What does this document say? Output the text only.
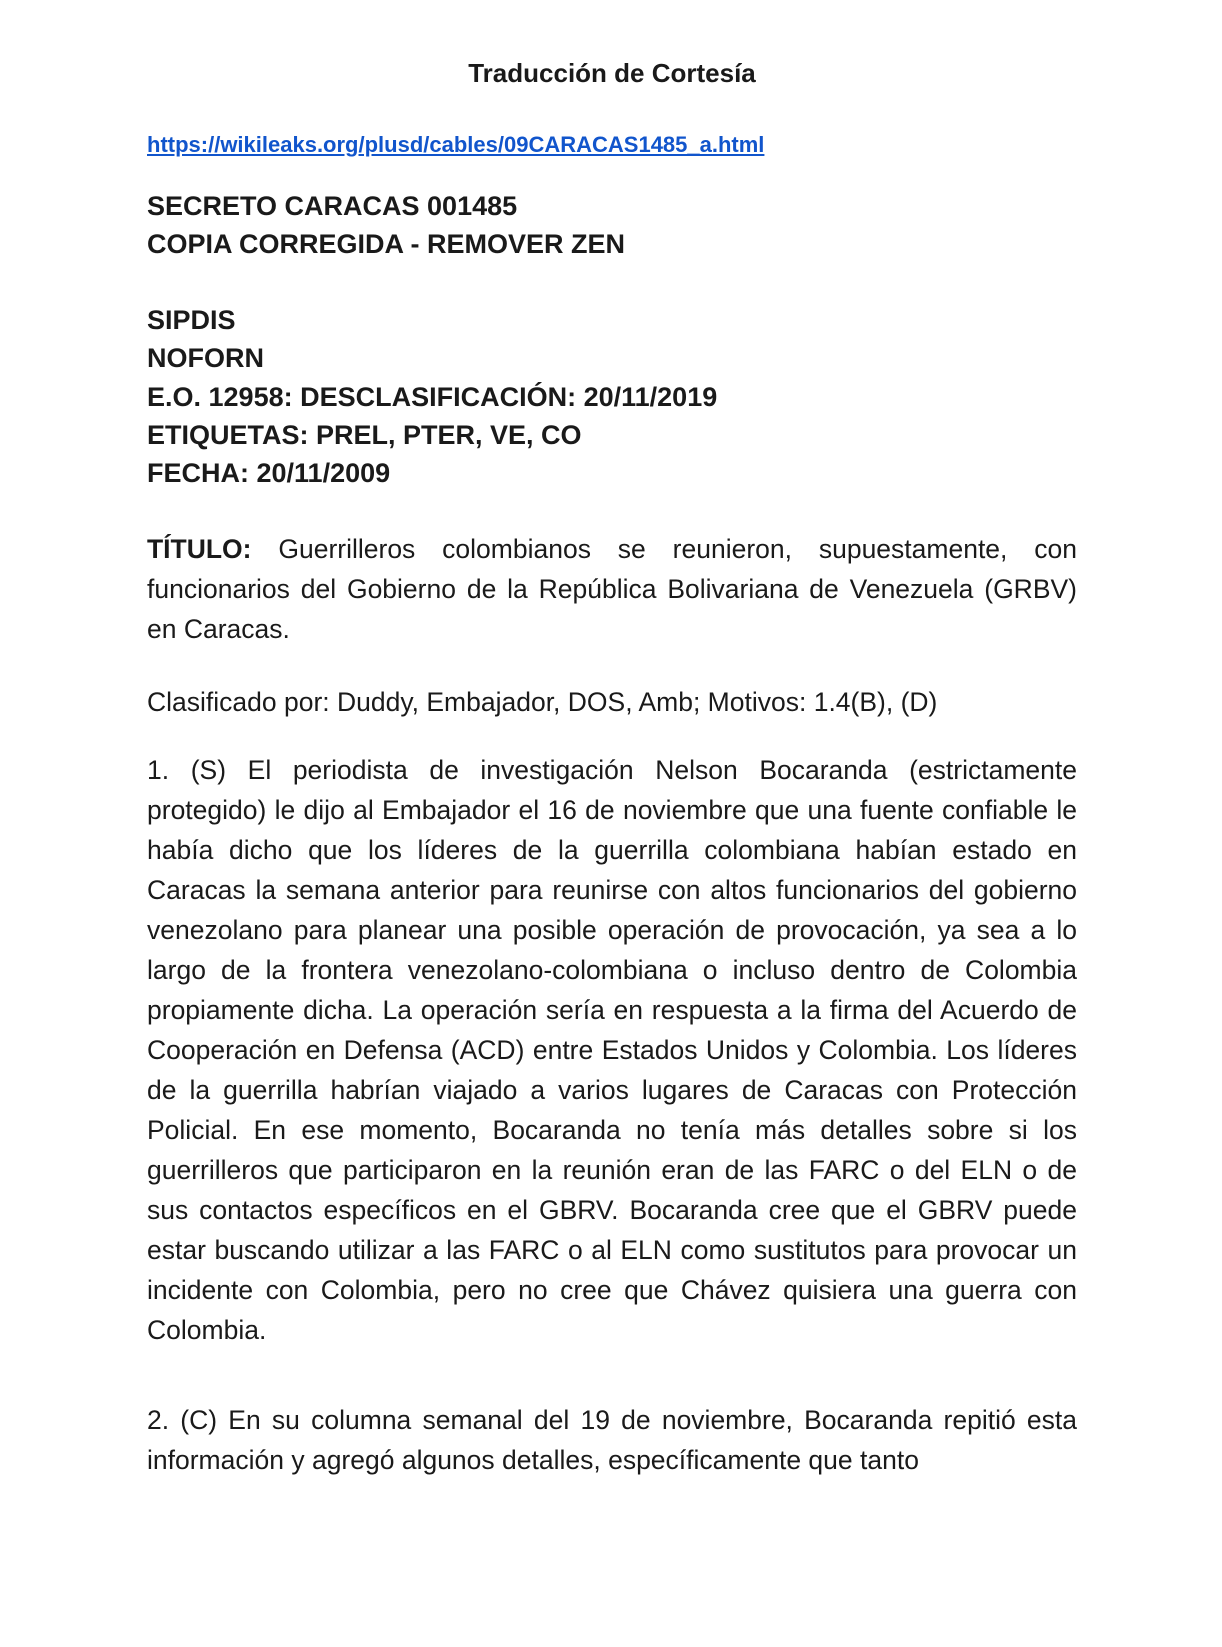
Traducción de Cortesía
https://wikileaks.org/plusd/cables/09CARACAS1485_a.html
SECRETO CARACAS 001485
COPIA CORREGIDA - REMOVER ZEN
SIPDIS
NOFORN
E.O. 12958: DESCLASIFICACIÓN: 20/11/2019
ETIQUETAS: PREL, PTER, VE, CO
FECHA: 20/11/2009
TÍTULO: Guerrilleros colombianos se reunieron, supuestamente, con funcionarios del Gobierno de la República Bolivariana de Venezuela (GRBV) en Caracas.
Clasificado por: Duddy, Embajador, DOS, Amb; Motivos: 1.4(B), (D)
1. (S) El periodista de investigación Nelson Bocaranda (estrictamente protegido) le dijo al Embajador el 16 de noviembre que una fuente confiable le había dicho que los líderes de la guerrilla colombiana habían estado en Caracas la semana anterior para reunirse con altos funcionarios del gobierno venezolano para planear una posible operación de provocación, ya sea a lo largo de la frontera venezolano-colombiana o incluso dentro de Colombia propiamente dicha. La operación sería en respuesta a la firma del Acuerdo de Cooperación en Defensa (ACD) entre Estados Unidos y Colombia. Los líderes de la guerrilla habrían viajado a varios lugares de Caracas con Protección Policial. En ese momento, Bocaranda no tenía más detalles sobre si los guerrilleros que participaron en la reunión eran de las FARC o del ELN o de sus contactos específicos en el GBRV. Bocaranda cree que el GBRV puede estar buscando utilizar a las FARC o al ELN como sustitutos para provocar un incidente con Colombia, pero no cree que Chávez quisiera una guerra con Colombia.
2. (C) En su columna semanal del 19 de noviembre, Bocaranda repitió esta información y agregó algunos detalles, específicamente que tanto
